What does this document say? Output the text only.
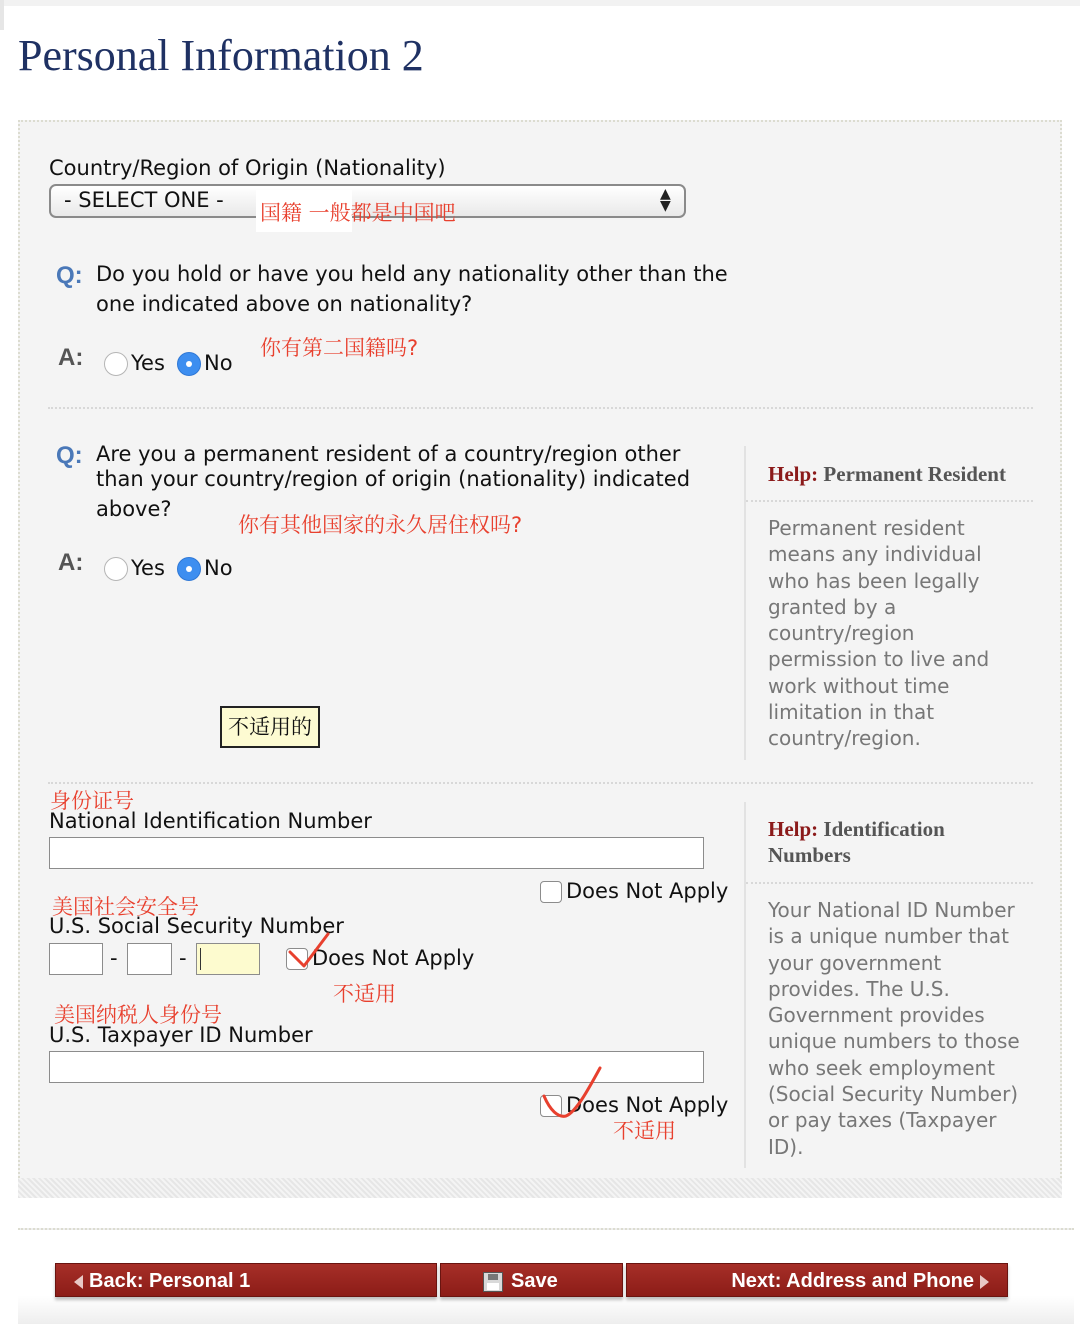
Personal Information 2
Country/Region of Origin (Nationality)
- SELECT ONE -	▲
▼
国籍 一般都是中国吧
Q: Do you hold or have you held any nationality other than the
one indicated above on nationality?
你有第二国籍吗?
A: Yes No
Q: Are you a permanent resident of a country/region other
than your country/region of origin (nationality) indicated
above?
你有其他国家的永久居住权吗?
A: Yes No
Help: Permanent Resident
Permanent resident
means any individual
who has been legally
granted by a
country/region
permission to live and
work without time
limitation in that
country/region.
不适用的
身份证号
National Identification Number
Does Not Apply
美国社会安全号
U.S. Social Security Number
-	-	Does Not Apply
不适用
美国纳税人身份号
U.S. Taxpayer ID Number
Does Not Apply
不适用
Help: Identification
Numbers
Your National ID Number
is a unique number that
your government
provides. The U.S.
Government provides
unique numbers to those
who seek employment
(Social Security Number)
or pay taxes (Taxpayer
ID).
Back: Personal 1	Save	Next: Address and Phone
